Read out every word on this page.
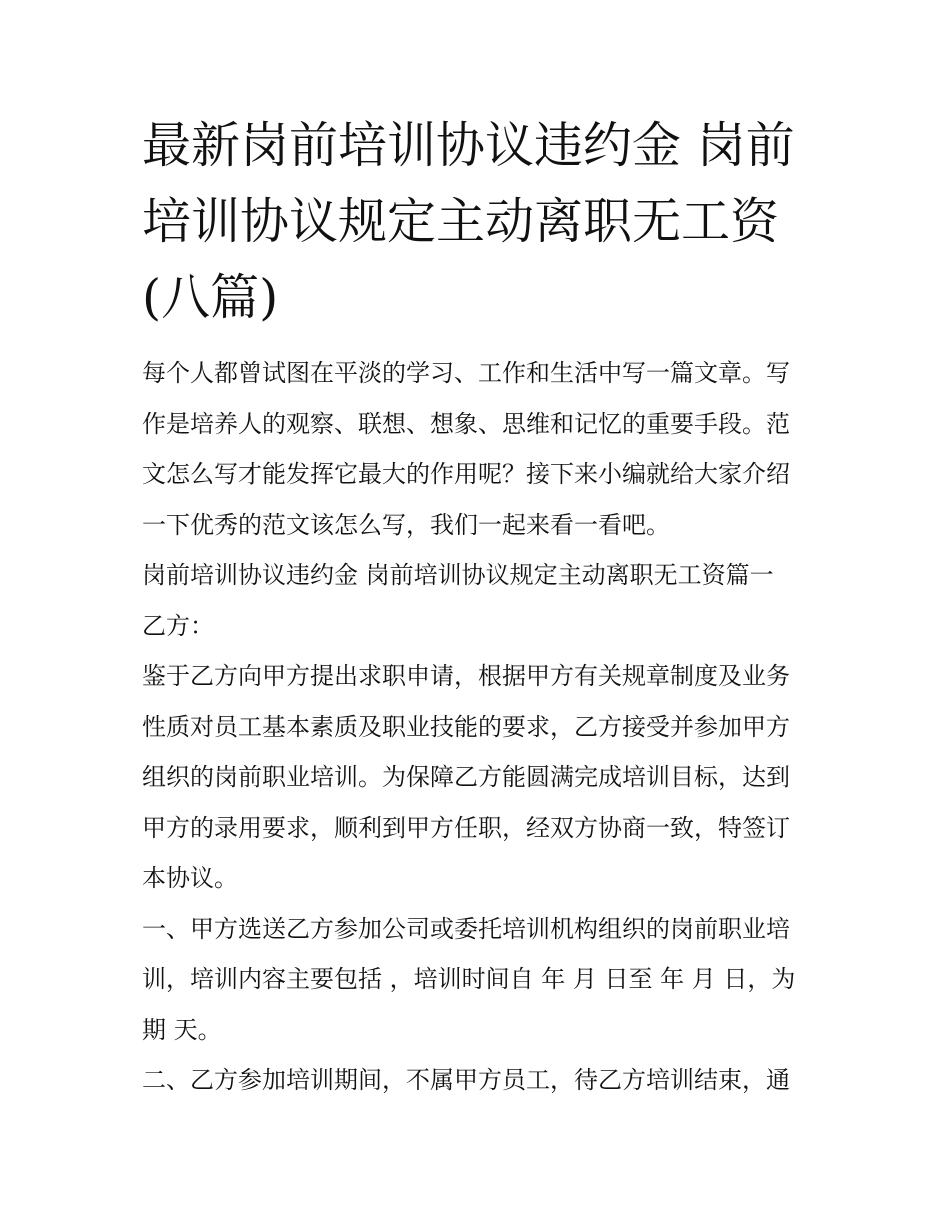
最新岗前培训协议违约金 岗前
培训协议规定主动离职无工资
(八篇)

每个人都曾试图在平淡的学习、工作和生活中写一篇文章。写
作是培养人的观察、联想、想象、思维和记忆的重要手段。范
文怎么写才能发挥它最大的作用呢？接下来小编就给大家介绍
一下优秀的范文该怎么写，我们一起来看一看吧。

岗前培训协议违约金 岗前培训协议规定主动离职无工资篇一

乙方：

鉴于乙方向甲方提出求职申请，根据甲方有关规章制度及业务
性质对员工基本素质及职业技能的要求，乙方接受并参加甲方
组织的岗前职业培训。为保障乙方能圆满完成培训目标，达到
甲方的录用要求，顺利到甲方任职，经双方协商一致，特签订
本协议。

一、甲方选送乙方参加公司或委托培训机构组织的岗前职业培
训，培训内容主要包括 ，培训时间自 年 月 日至 年 月 日，为
期 天。

二、乙方参加培训期间，不属甲方员工，待乙方培训结束，通
